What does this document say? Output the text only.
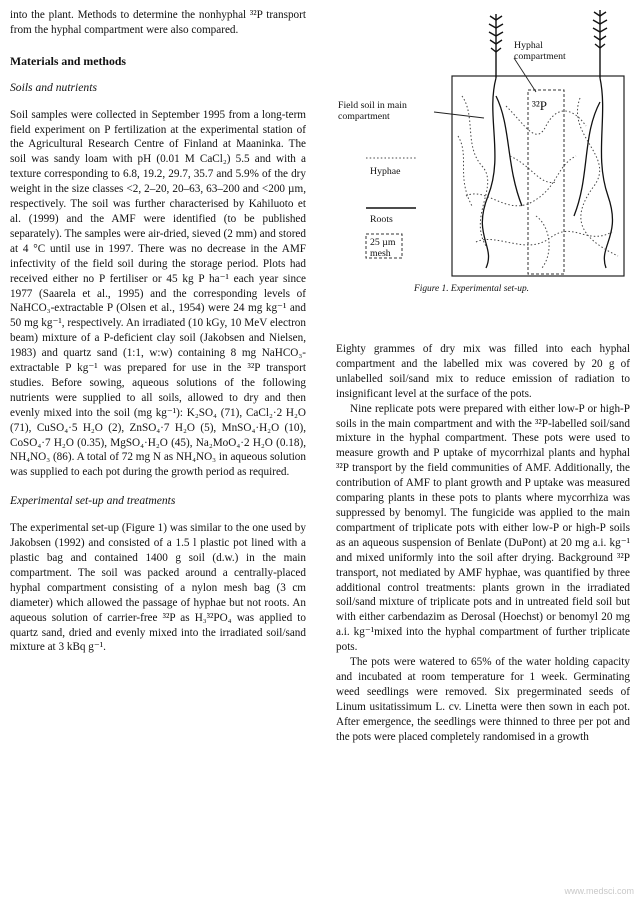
into the plant. Methods to determine the nonhyphal ³²P transport from the hyphal compartment were also compared.

Materials and methods

Soils and nutrients

Soil samples were collected in September 1995 from a long-term field experiment on P fertilization at the experimental station of the Agricultural Research Centre of Finland at Maaninka. The soil was sandy loam with pH (0.01 M CaCl₂) 5.5 and with a texture corresponding to 6.8, 19.2, 29.7, 35.7 and 5.9% of the dry weight in the size classes <2, 2–20, 20–63, 63–200 and <200 µm, respectively. The soil was further characterised by Kahiluoto et al. (1999) and the AMF were identified (to be published separately). The samples were air-dried, sieved (2 mm) and stored at 4 °C until use in 1997. There was no decrease in the AMF infectivity of the field soil during the storage period. Plots had received either no P fertiliser or 45 kg P ha⁻¹ each year since 1977 (Saarela et al., 1995) and the corresponding levels of NaHCO₃-extractable P (Olsen et al., 1954) were 24 mg kg⁻¹ and 50 mg kg⁻¹, respectively. An irradiated (10 kGy, 10 MeV electron beam) mixture of a P-deficient clay soil (Jakobsen and Nielsen, 1983) and quartz sand (1:1, w:w) containing 8 mg NaHCO₃-extractable P kg⁻¹ was prepared for use in the ³²P transport studies. Before sowing, aqueous solutions of the following nutrients were supplied to all soils, allowed to dry and then evenly mixed into the soil (mg kg⁻¹): K₂SO₄ (71), CaCl₂·2 H₂O (71), CuSO₄·5 H₂O (2), ZnSO₄·7 H₂O (5), MnSO₄·H₂O (10), CoSO₄·7 H₂O (0.35), MgSO₄·H₂O (45), Na₂MoO₄·2 H₂O (0.18), NH₄NO₃ (86). A total of 72 mg N as NH₄NO₃ in aqueous solution was supplied to each pot during the growth period as required.

Experimental set-up and treatments

The experimental set-up (Figure 1) was similar to the one used by Jakobsen (1992) and consisted of a 1.5 l plastic pot lined with a plastic bag and contained 1400 g soil (d.w.) in the main compartment. The soil was packed around a centrally-placed hyphal compartment consisting of a nylon mesh bag (3 cm diameter) which allowed the passage of hyphae but not roots. An aqueous solution of carrier-free ³²P as H₃³²PO₄ was applied to quartz sand, dried and evenly mixed into the irradiated soil/sand mixture at 3 kBq g⁻¹.

Hyphal compartment
Field soil in main compartment
³²P
Hyphae
Roots
25 µm mesh
Figure 1. Experimental set-up.

Eighty grammes of dry mix was filled into each hyphal compartment and the labelled mix was covered by 20 g of unlabelled soil/sand mix to reduce emission of radiation to insignificant level at the surface of the pots.

Nine replicate pots were prepared with either low-P or high-P soils in the main compartment and with the ³²P-labelled soil/sand mixture in the hyphal compartment. These pots were used to measure growth and P uptake of mycorrhizal plants and hyphal ³²P transport by the field communities of AMF. Additionally, the contribution of AMF to plant growth and P uptake was measured comparing plants in these pots to plants where mycorrhiza was suppressed by benomyl. The fungicide was applied to the main compartment of triplicate pots with either low-P or high-P soils as an aqueous suspension of Benlate (DuPont) at 20 mg a.i. kg⁻¹ and mixed uniformly into the soil after drying. Background ³²P transport, not mediated by AMF hyphae, was quantified by three additional control treatments: plants grown in the irradiated soil/sand mixture of triplicate pots and in untreated field soil but with either carbendazim as Derosal (Hoechst) or benomyl 20 mg a.i. kg⁻¹mixed into the hyphal compartment of further triplicate pots.

The pots were watered to 65% of the water holding capacity and incubated at room temperature for 1 week. Germinating weed seedlings were removed. Six pregerminated seeds of Linum usitatissimum L. cv. Linetta were then sown in each pot. After emergence, the seedlings were thinned to three per pot and the pots were placed completely randomised in a growth

www.medsci.com
